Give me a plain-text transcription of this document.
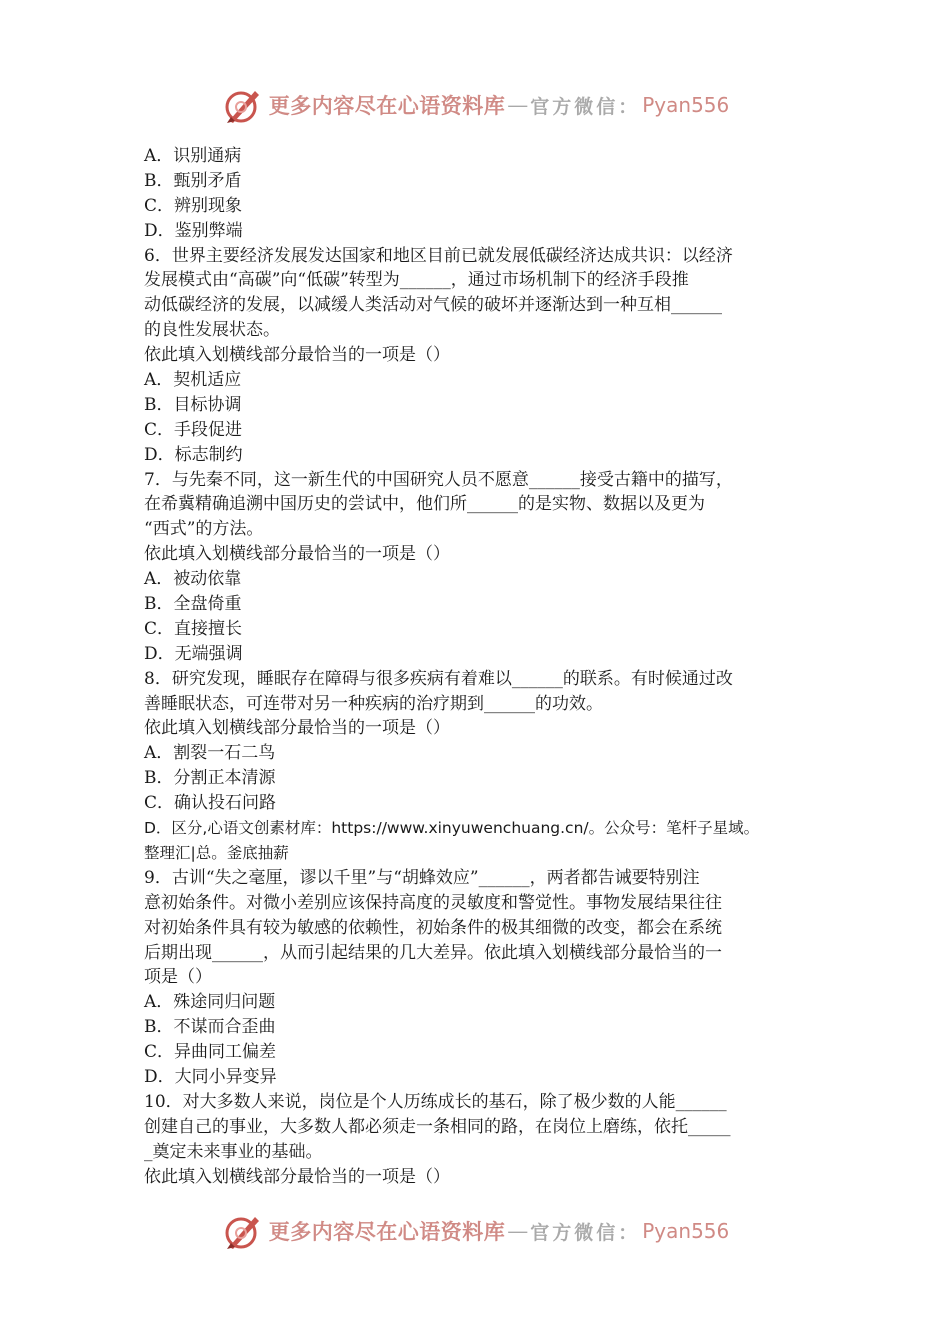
更多内容尽在心语资料库 — 官方微信： Pyan556
A．识别通病
B．甄别矛盾
C．辨别现象
D．鉴别弊端
6．世界主要经济发展发达国家和地区目前已就发展低碳经济达成共识：以经济
发展模式由“高碳”向“低碳”转型为______，通过市场机制下的经济手段推
动低碳经济的发展，以减缓人类活动对气候的破坏并逐渐达到一种互相______
的良性发展状态。
依此填入划横线部分最恰当的一项是（）
A．契机适应
B．目标协调
C．手段促进
D．标志制约
7．与先秦不同，这一新生代的中国研究人员不愿意______接受古籍中的描写，
在希冀精确追溯中国历史的尝试中，他们所______的是实物、数据以及更为
“西式”的方法。
依此填入划横线部分最恰当的一项是（）
A．被动依靠
B．全盘倚重
C．直接擅长
D．无端强调
8．研究发现，睡眠存在障碍与很多疾病有着难以______的联系。有时候通过改
善睡眠状态，可连带对另一种疾病的治疗期到______的功效。
依此填入划横线部分最恰当的一项是（）
A．割裂一石二鸟
B．分割正本清源
C．确认投石问路
D．区分,心语文创素材库：https://www.xinyuwenchuang.cn/。公众号：笔杆子星域。
整理汇|总。釜底抽薪
9．古训“失之毫厘，谬以千里”与“胡蜂效应”______，两者都告诫要特别注
意初始条件。对微小差别应该保持高度的灵敏度和警觉性。事物发展结果往往
对初始条件具有较为敏感的依赖性，初始条件的极其细微的改变，都会在系统
后期出现______，从而引起结果的几大差异。依此填入划横线部分最恰当的一
项是（）
A．殊途同归问题
B．不谋而合歪曲
C．异曲同工偏差
D．大同小异变异
10．对大多数人来说，岗位是个人历练成长的基石，除了极少数的人能______
创建自己的事业，大多数人都必须走一条相同的路，在岗位上磨练，依托_____
_奠定未来事业的基础。
依此填入划横线部分最恰当的一项是（）
更多内容尽在心语资料库 — 官方微信： Pyan556
